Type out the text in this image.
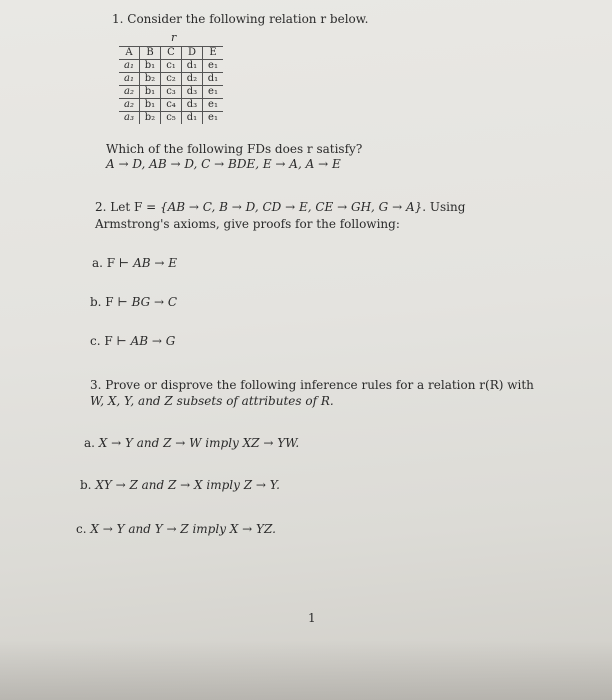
1. Consider the following relation r below.
r
A	B	C	D	E
a₁	b₁	c₁	d₁	e₁
a₁	b₂	c₂	d₂	d₁
a₂	b₁	c₃	d₃	e₁
a₂	b₁	c₄	d₃	e₁
a₃	b₂	c₅	d₁	e₁
Which of the following FDs does r satisfy?
A → D, AB → D, C → BDE, E → A, A → E
2. Let F = {AB → C, B → D, CD → E, CE → GH, G → A}. Using
Armstrong's axioms, give proofs for the following:
a. F ⊢ AB → E
b. F ⊢ BG → C
c. F ⊢ AB → G
3. Prove or disprove the following inference rules for a relation r(R) with
W, X, Y, and Z subsets of attributes of R.
a. X → Y and Z → W imply XZ → YW.
b. XY → Z and Z → X imply Z → Y.
c. X → Y and Y → Z imply X → YZ.
1
